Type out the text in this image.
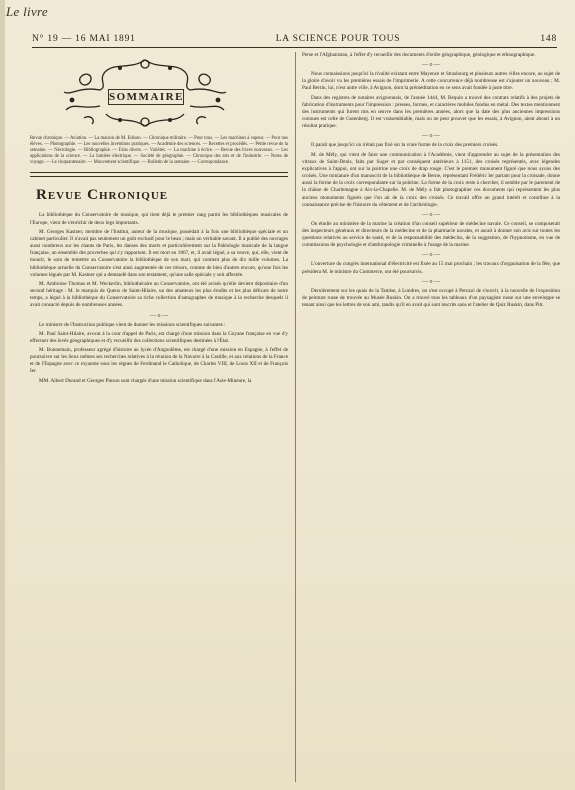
Le livre
N° 19 — 16 MAI 1891	LA SCIENCE POUR TOUS	148
SOMMAIRE
Revue chronique. — Aviation. — La maison de M. Edison. — Chronique militaire. — Pour tous. — Les machines à vapeur. — Pour nos élèves. — Photographie. — Les nouvelles inventions pratiques. — Académie des sciences. — Recettes et procédés. — Petite revue de la semaine. — Nécrologie. — Bibliographie. — Faits divers. — Variétés. — La machine à écrire. — Revue des livres nouveaux. — Les applications de la science. — La lumière électrique. — Société de géographie. — Chronique des arts et de l'industrie. — Notes de voyage. — Le cinquantenaire. — Mouvement scientifique. — Bulletin de la semaine. — Correspondance.
Revue Chronique

La bibliothèque du Conservatoire de musique, qui tient déjà le premier rang parmi les bibliothèques musicales de l'Europe, vient de s'enrichir de deux legs importants.

M. Georges Kastner, membre de l'Institut, auteur de la musique, possédait à la fois une bibliothèque spéciale et un cabinet particulier. Il n'avait pas seulement un goût exclusif pour le beau ; mais un véritable savant. Il a publié des ouvrages aussi nombreux sur les chants de Paris, les danses des morts et particulièrement sur la Paléologie musicale de la langue française, un ensemble des proverbes qui s'y rapportent. Il est mort en 1867, et, il avait légué, a sa veuve, qui, elle, vient de mourir, le soin de remettre au Conservatoire la bibliothèque de son mari, qui contient plus de dix mille volumes. La bibliothèque actuelle du Conservatoire s'est ainsi augmentée de ces trésors, comme de bien d'autres encore, qu'une fois les volumes légués par M. Kastner qui a demandé dans son testament, qu'une salle spéciale y soit affectée.

M. Ambroise Thomas et M. Weckerlin, bibliothécaire au Conservatoire, ont été avisés qu'elle devient dépositaire d'un second héritage : M. le marquis de Queux de Saint-Hilaire, un des amateurs les plus érudits et les plus délicats de notre temps, a légué à la bibliothèque du Conservatoire sa riche collection d'autographes de musique à la recherche desquels il avait consacré depuis de nombreuses années.

— o —

Le ministre de l'Instruction publique vient de donner les missions scientifiques suivantes :

M. Paul Saint-Hilaire, avocat à la cour d'appel de Paris, est chargé d'une mission dans la Guyane française en vue d'y effectuer des levés géographiques et d'y recueillir des collections scientifiques destinées à l'État.

M. Bonnemain, professeur agrégé d'histoire au lycée d'Angoulême, est chargé d'une mission en Espagne, à l'effet de poursuivre sur les lieux mêmes ses recherches relatives à la réunion de la Navarre à la Castille, et aux relations de la France et de l'Espagne avec ce royaume sous les règnes de Ferdinand le Catholique, de Charles VIII, de Louis XII et de François Ier.

MM. Albert Durand et Georges Pinson sont chargés d'une mission scientifique dans l'Asie-Mineure, la

Perse et l'Afghanistan, à l'effet d'y recueillir des documents d'ordre géographique, géologique et ethnographique.

— o —

Nous connaissions jusqu'ici la rivalité existant entre Mayence et Strasbourg et plusieurs autres villes encore, au sujet de la gloire d'avoir vu les premières essais de l'imprimerie. A cette concurrence déjà nombreuse est s'ajouter un nouveau ; M. Paul Bertin, lui, n'est autre ville, à Avignon, dont la préméditation en ce sens avait fondée à juste titre.

Dans des registres de notaires avignonnais, de l'année 1444, M. Requin a trouvé des contrats relatifs à des projets de fabrication d'instruments pour l'impression : presses, formes, et caractères mobiles fondus en métal. Des textes mentionnent des instruments qui furent mis en œuvre dans les premières années, alors que la date des plus anciennes impressions connues est celle de Gutenberg. Il est vraisemblable, mais on ne peut prouver que les essais, à Avignon, aient abouti à un résultat pratique.

— o —

Il paraît que jusqu'ici on n'était pas fixé sur la vraie forme de la croix des premiers croisés.

M. de Mély, qui vient de faire une communication à l'Académie, vient d'apprendre au sujet de la présentation des vitraux de Saint-Denis, faits par Suger et par conséquent antérieurs à 1151, des croisés représentés, avec légendes explicatives à l'appui, ont sur la poitrine une croix de drap rouge. C'est le premier monument figuré que nous ayons des croisés. Une miniature d'un manuscrit de la bibliothèque de Berne, représentant Frédéric Ier partant pour la croisade, donne aussi la forme de la croix correspondante sur la poitrine. La forme de la croix reste à chercher, il semble par le parement de la châsse de Charlemagne à Aix-la-Chapelle. M. de Mély a fait photographier ces documents qui représentent les plus anciens monuments figurés que l'on ait de la croix des croisés. Ce travail offre un grand intérêt et contribue à la connaissance précise de l'histoire du vêtement et de l'archéologie.

— o —

On étudie au ministère de la marine la création d'un conseil supérieur de médecine navale. Ce conseil, se composerait des inspecteurs généraux et directeurs de la médecine et de la pharmacie navales, et aurait à donner son avis sur toutes les questions relatives au service de santé, et de la responsabilité des médecins, de la suggestion, de l'hypnotisme, en vue de commissions de psychologie et d'anthropologie criminelle à l'usage de la marine.

— o —

L'ouverture du congrès international d'électricité est fixée au 15 mai prochain ; les travaux d'organisation de la fête, que présidera M. le ministre du Commerce, ont été poursuivis.

— o —

Dernièrement sur les quais de la Tamise, à Londres, on s'est occupé à Peruzzi de s'ouvrir, à la nouvelle de l'exposition de peinture russe de trouvée au Musée Ruskin. On a trouvé tous les tableaux d'un paysagiste russe sur une enveloppe se tenant ainsi que les lettres de son ami, tandis qu'il en avait qui sont inscrits sans et l'atelier de Quiz Ruskin, dans Pitt.
